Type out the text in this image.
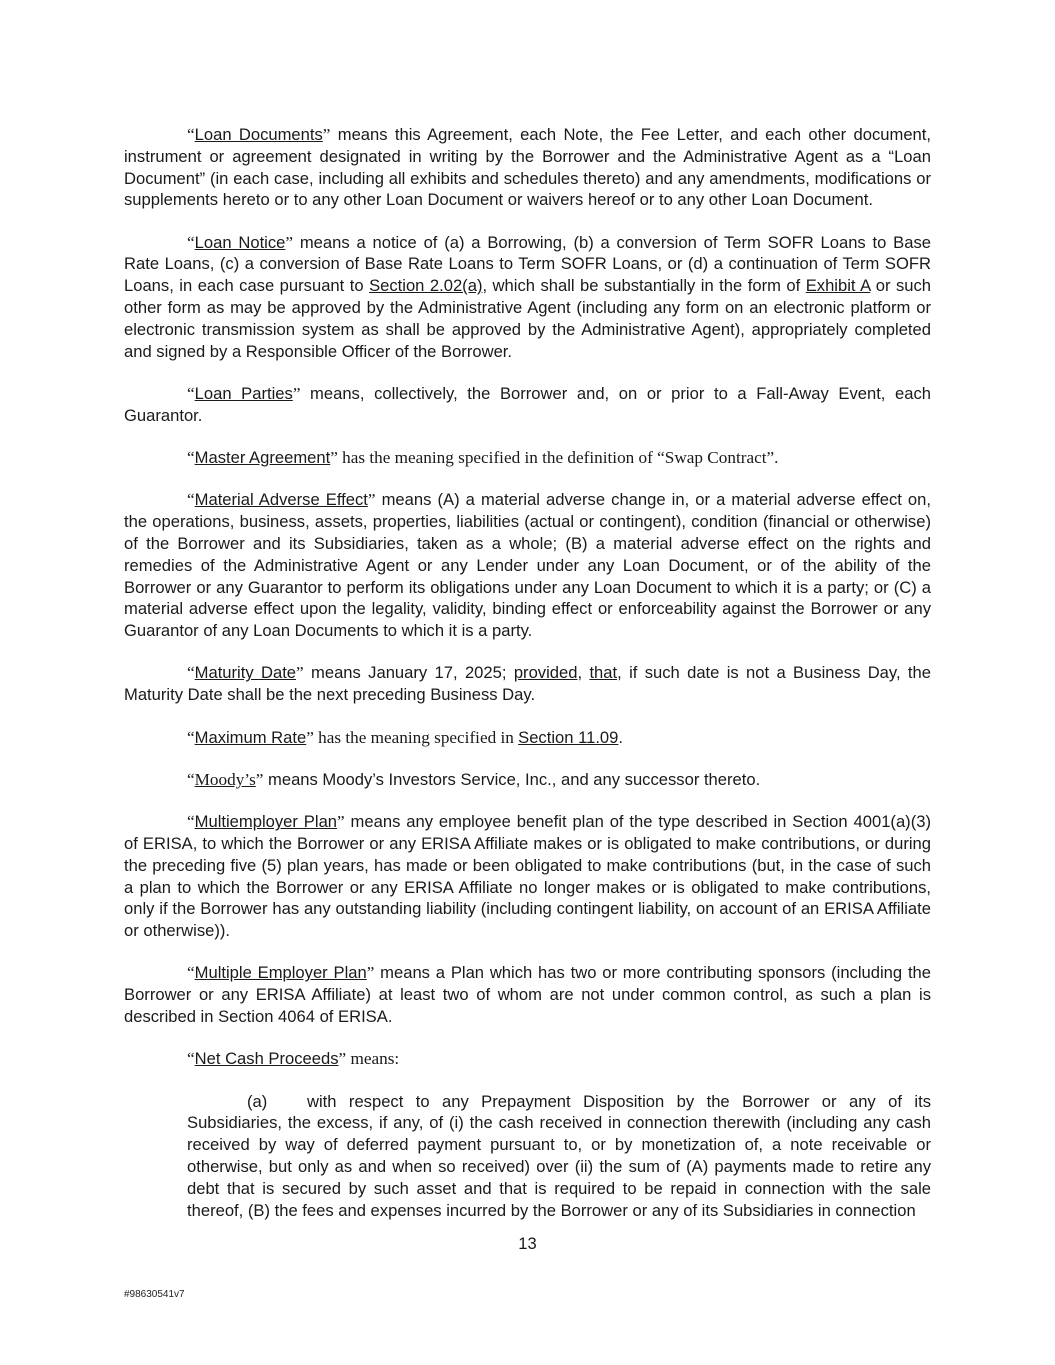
“Loan Documents” means this Agreement, each Note, the Fee Letter, and each other document, instrument or agreement designated in writing by the Borrower and the Administrative Agent as a “Loan Document” (in each case, including all exhibits and schedules thereto) and any amendments, modifications or supplements hereto or to any other Loan Document or waivers hereof or to any other Loan Document.

“Loan Notice” means a notice of (a) a Borrowing, (b) a conversion of Term SOFR Loans to Base Rate Loans, (c) a conversion of Base Rate Loans to Term SOFR Loans, or (d) a continuation of Term SOFR Loans, in each case pursuant to Section 2.02(a), which shall be substantially in the form of Exhibit A or such other form as may be approved by the Administrative Agent (including any form on an electronic platform or electronic transmission system as shall be approved by the Administrative Agent), appropriately completed and signed by a Responsible Officer of the Borrower.

“Loan Parties” means, collectively, the Borrower and, on or prior to a Fall-Away Event, each Guarantor.

“Master Agreement” has the meaning specified in the definition of “Swap Contract”.

“Material Adverse Effect” means (A) a material adverse change in, or a material adverse effect on, the operations, business, assets, properties, liabilities (actual or contingent), condition (financial or otherwise) of the Borrower and its Subsidiaries, taken as a whole; (B) a material adverse effect on the rights and remedies of the Administrative Agent or any Lender under any Loan Document, or of the ability of the Borrower or any Guarantor to perform its obligations under any Loan Document to which it is a party; or (C) a material adverse effect upon the legality, validity, binding effect or enforceability against the Borrower or any Guarantor of any Loan Documents to which it is a party.

“Maturity Date” means January 17, 2025; provided, that, if such date is not a Business Day, the Maturity Date shall be the next preceding Business Day.

“Maximum Rate” has the meaning specified in Section 11.09.

“Moody’s” means Moody’s Investors Service, Inc., and any successor thereto.

“Multiemployer Plan” means any employee benefit plan of the type described in Section 4001(a)(3) of ERISA, to which the Borrower or any ERISA Affiliate makes or is obligated to make contributions, or during the preceding five (5) plan years, has made or been obligated to make contributions (but, in the case of such a plan to which the Borrower or any ERISA Affiliate no longer makes or is obligated to make contributions, only if the Borrower has any outstanding liability (including contingent liability, on account of an ERISA Affiliate or otherwise)).

“Multiple Employer Plan” means a Plan which has two or more contributing sponsors (including the Borrower or any ERISA Affiliate) at least two of whom are not under common control, as such a plan is described in Section 4064 of ERISA.

“Net Cash Proceeds” means:

(a) with respect to any Prepayment Disposition by the Borrower or any of its Subsidiaries, the excess, if any, of (i) the cash received in connection therewith (including any cash received by way of deferred payment pursuant to, or by monetization of, a note receivable or otherwise, but only as and when so received) over (ii) the sum of (A) payments made to retire any debt that is secured by such asset and that is required to be repaid in connection with the sale thereof, (B) the fees and expenses incurred by the Borrower or any of its Subsidiaries in connection

13
#98630541v7
